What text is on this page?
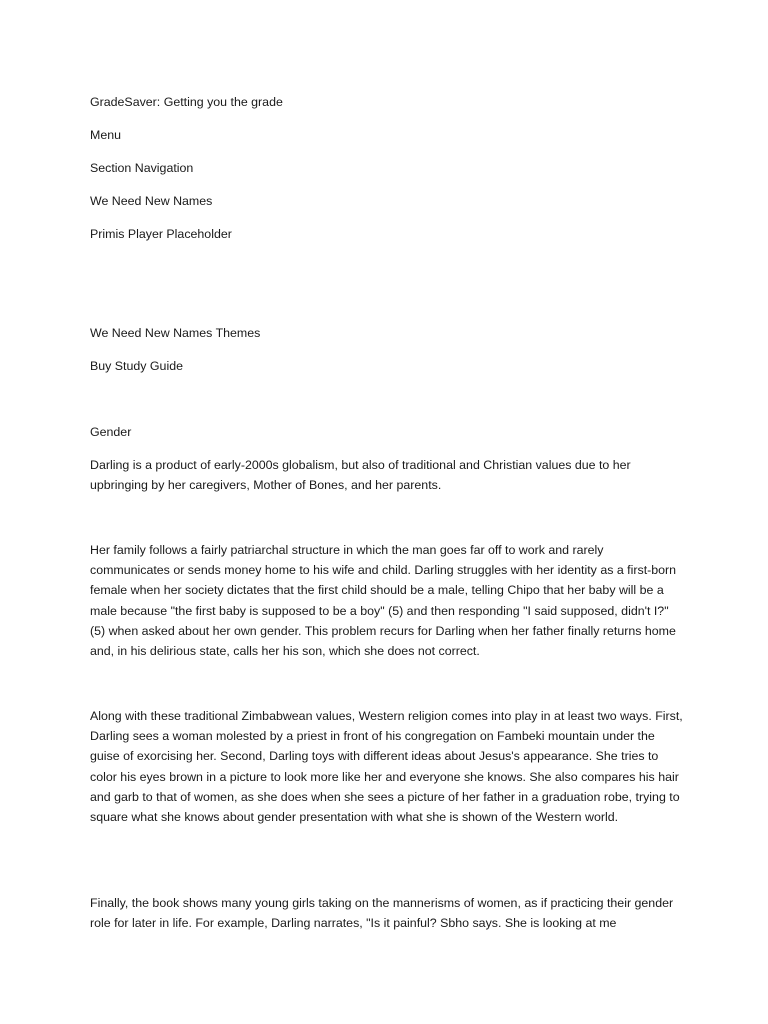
GradeSaver: Getting you the grade

Menu

Section Navigation

We Need New Names

Primis Player Placeholder

We Need New Names Themes

Buy Study Guide

Gender

Darling is a product of early-2000s globalism, but also of traditional and Christian values due to her upbringing by her caregivers, Mother of Bones, and her parents.

Her family follows a fairly patriarchal structure in which the man goes far off to work and rarely communicates or sends money home to his wife and child. Darling struggles with her identity as a first-born female when her society dictates that the first child should be a male, telling Chipo that her baby will be a male because "the first baby is supposed to be a boy" (5) and then responding "I said supposed, didn't I?" (5) when asked about her own gender. This problem recurs for Darling when her father finally returns home and, in his delirious state, calls her his son, which she does not correct.

Along with these traditional Zimbabwean values, Western religion comes into play in at least two ways. First, Darling sees a woman molested by a priest in front of his congregation on Fambeki mountain under the guise of exorcising her. Second, Darling toys with different ideas about Jesus's appearance. She tries to color his eyes brown in a picture to look more like her and everyone she knows. She also compares his hair and garb to that of women, as she does when she sees a picture of her father in a graduation robe, trying to square what she knows about gender presentation with what she is shown of the Western world.

Finally, the book shows many young girls taking on the mannerisms of women, as if practicing their gender role for later in life. For example, Darling narrates, "Is it painful? Sbho says. She is looking at me
